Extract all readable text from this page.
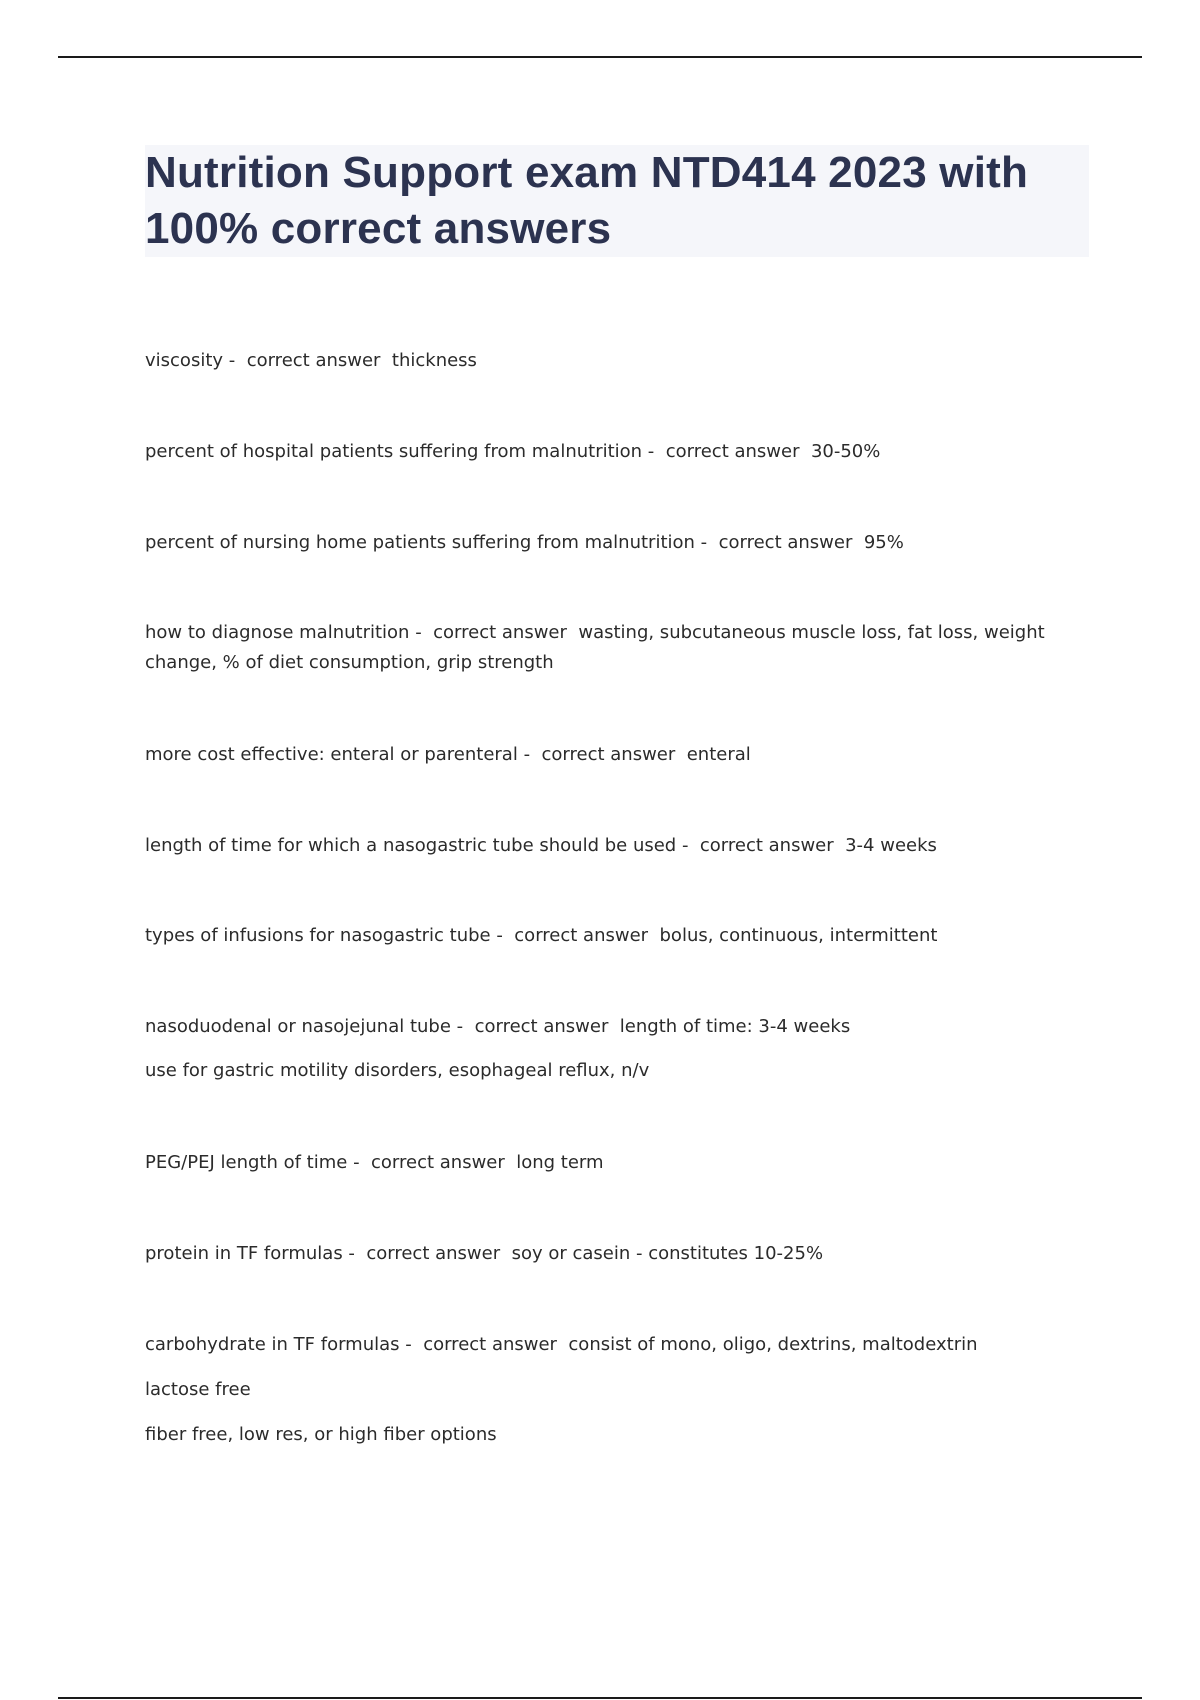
Nutrition Support exam NTD414 2023 with 100% correct answers
viscosity -  correct answer  thickness
percent of hospital patients suffering from malnutrition -  correct answer  30-50%
percent of nursing home patients suffering from malnutrition -  correct answer  95%
how to diagnose malnutrition -  correct answer  wasting, subcutaneous muscle loss, fat loss, weight change, % of diet consumption, grip strength
more cost effective: enteral or parenteral -  correct answer  enteral
length of time for which a nasogastric tube should be used -  correct answer  3-4 weeks
types of infusions for nasogastric tube -  correct answer  bolus, continuous, intermittent
nasoduodenal or nasojejunal tube -  correct answer  length of time: 3-4 weeks
use for gastric motility disorders, esophageal reflux, n/v
PEG/PEJ length of time -  correct answer  long term
protein in TF formulas -  correct answer  soy or casein - constitutes 10-25%
carbohydrate in TF formulas -  correct answer  consist of mono, oligo, dextrins, maltodextrin
lactose free
fiber free, low res, or high fiber options
